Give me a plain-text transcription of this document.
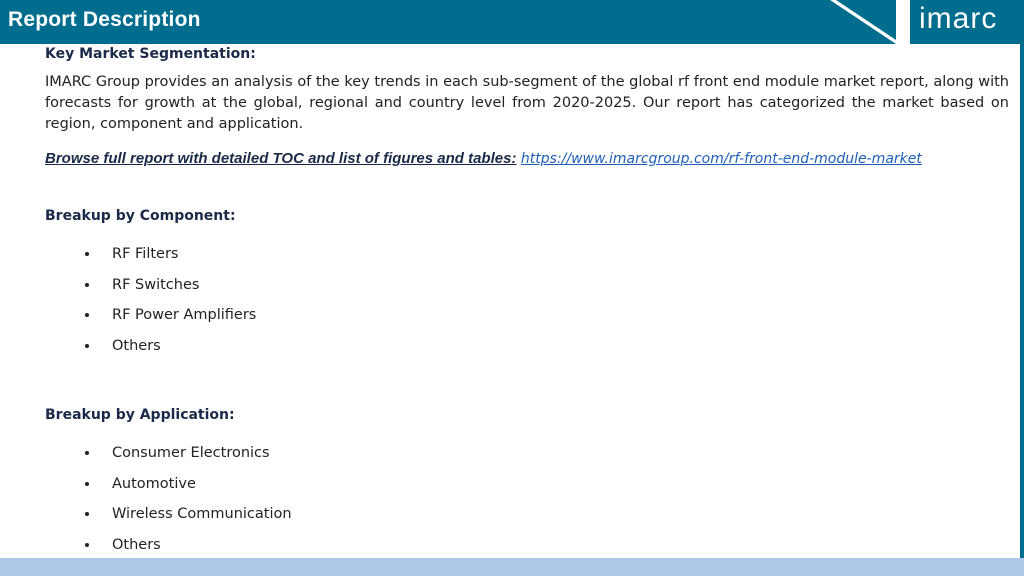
Report Description	imarc
Key Market Segmentation:
IMARC Group provides an analysis of the key trends in each sub-segment of the global rf front end module market report, along with forecasts for growth at the global, regional and country level from 2020-2025. Our report has categorized the market based on region, component and application.
Browse full report with detailed TOC and list of figures and tables: https://www.imarcgroup.com/rf-front-end-module-market
Breakup by Component:
RF Filters
RF Switches
RF Power Amplifiers
Others
Breakup by Application:
Consumer Electronics
Automotive
Wireless Communication
Others
